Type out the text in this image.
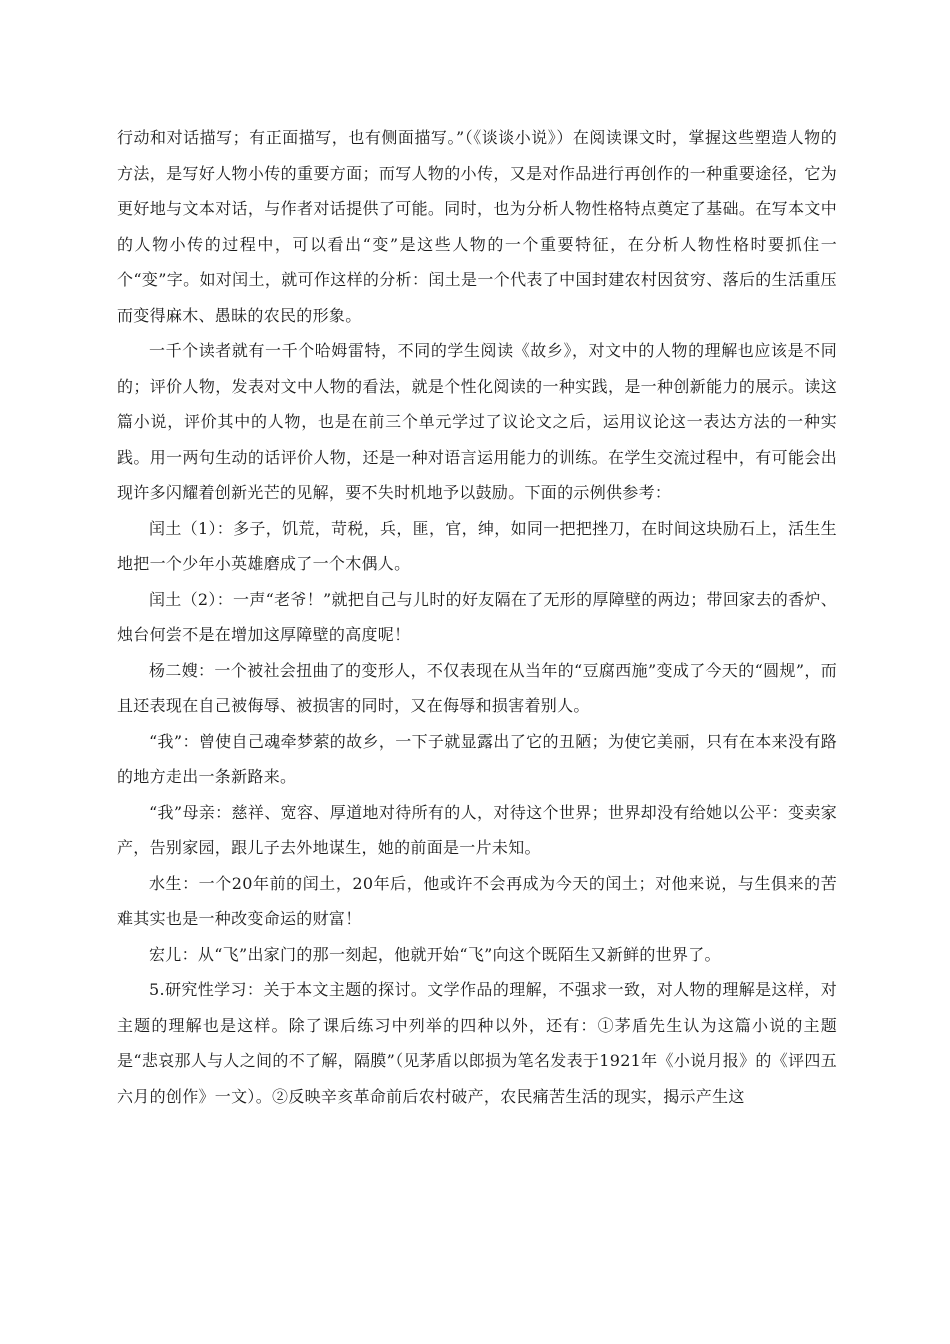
行动和对话描写；有正面描写，也有侧面描写。”（《谈谈小说》）在阅读课文时，掌握这些塑造人物的方法，是写好人物小传的重要方面；而写人物的小传，又是对作品进行再创作的一种重要途径，它为更好地与文本对话，与作者对话提供了可能。同时，也为分析人物性格特点奠定了基础。在写本文中的人物小传的过程中，可以看出“变”是这些人物的一个重要特征，在分析人物性格时要抓住一个“变”字。如对闰土，就可作这样的分析：闰土是一个代表了中国封建农村因贫穷、落后的生活重压而变得麻木、愚昧的农民的形象。

一千个读者就有一千个哈姆雷特，不同的学生阅读《故乡》，对文中的人物的理解也应该是不同的；评价人物，发表对文中人物的看法，就是个性化阅读的一种实践，是一种创新能力的展示。读这篇小说，评价其中的人物，也是在前三个单元学过了议论文之后，运用议论这一表达方法的一种实践。用一两句生动的话评价人物，还是一种对语言运用能力的训练。在学生交流过程中，有可能会出现许多闪耀着创新光芒的见解，要不失时机地予以鼓励。下面的示例供参考：

闰土（1）：多子，饥荒，苛税，兵，匪，官，绅，如同一把把挫刀，在时间这块励石上，活生生地把一个少年小英雄磨成了一个木偶人。

闰土（2）：一声“老爷！”就把自己与儿时的好友隔在了无形的厚障壁的两边；带回家去的香炉、烛台何尝不是在增加这厚障壁的高度呢！

杨二嫂：一个被社会扭曲了的变形人，不仅表现在从当年的“豆腐西施”变成了今天的“圆规”，而且还表现在自己被侮辱、被损害的同时，又在侮辱和损害着别人。

“我”：曾使自己魂牵梦萦的故乡，一下子就显露出了它的丑陋；为使它美丽，只有在本来没有路的地方走出一条新路来。

“我”母亲：慈祥、宽容、厚道地对待所有的人，对待这个世界；世界却没有给她以公平：变卖家产，告别家园，跟儿子去外地谋生，她的前面是一片未知。

水生：一个20年前的闰土，20年后，他或许不会再成为今天的闰土；对他来说，与生俱来的苦难其实也是一种改变命运的财富！

宏儿：从“飞”出家门的那一刻起，他就开始“飞”向这个既陌生又新鲜的世界了。

5.研究性学习：关于本文主题的探讨。文学作品的理解，不强求一致，对人物的理解是这样，对主题的理解也是这样。除了课后练习中列举的四种以外，还有：①茅盾先生认为这篇小说的主题是“悲哀那人与人之间的不了解，隔膜”（见茅盾以郎损为笔名发表于1921年《小说月报》的《评四五六月的创作》一文）。②反映辛亥革命前后农村破产，农民痛苦生活的现实，揭示产生这
